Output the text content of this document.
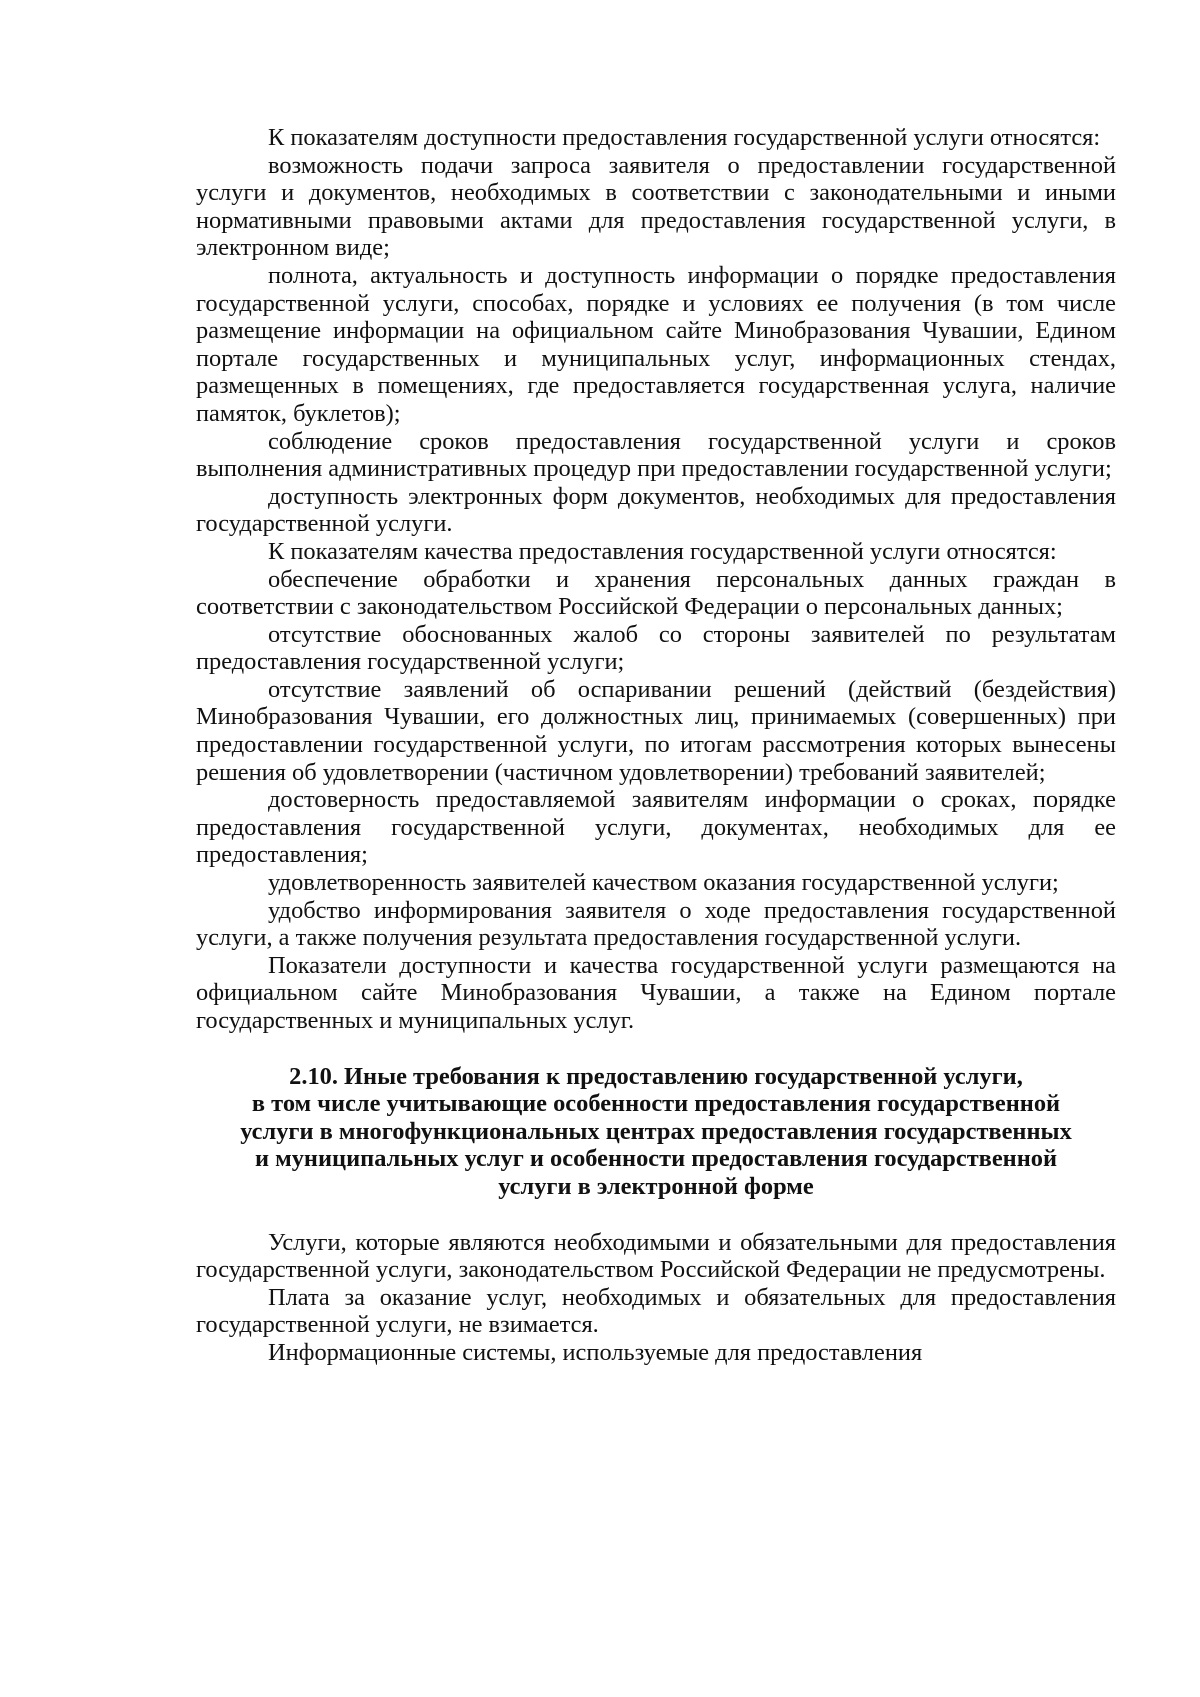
К показателям доступности предоставления государственной услуги относятся:

возможность подачи запроса заявителя о предоставлении государственной услуги и документов, необходимых в соответствии с законодательными и иными нормативными правовыми актами для предоставления государственной услуги, в электронном виде;

полнота, актуальность и доступность информации о порядке предоставления государственной услуги, способах, порядке и условиях ее получения (в том числе размещение информации на официальном сайте Минобразования Чувашии, Едином портале государственных и муниципальных услуг, информационных стендах, размещенных в помещениях, где предоставляется государственная услуга, наличие памяток, буклетов);

соблюдение сроков предоставления государственной услуги и сроков выполнения административных процедур при предоставлении государственной услуги;

доступность электронных форм документов, необходимых для предоставления государственной услуги.

К показателям качества предоставления государственной услуги относятся:

обеспечение обработки и хранения персональных данных граждан в соответствии с законодательством Российской Федерации о персональных данных;

отсутствие обоснованных жалоб со стороны заявителей по результатам предоставления государственной услуги;

отсутствие заявлений об оспаривании решений (действий (бездействия) Минобразования Чувашии, его должностных лиц, принимаемых (совершенных) при предоставлении государственной услуги, по итогам рассмотрения которых вынесены решения об удовлетворении (частичном удовлетворении) требований заявителей;

достоверность предоставляемой заявителям информации о сроках, порядке предоставления государственной услуги, документах, необходимых для ее предоставления;

удовлетворенность заявителей качеством оказания государственной услуги;

удобство информирования заявителя о ходе предоставления государственной услуги, а также получения результата предоставления государственной услуги.

Показатели доступности и качества государственной услуги размещаются на официальном сайте Минобразования Чувашии, а также на Едином портале государственных и муниципальных услуг.

2.10. Иные требования к предоставлению государственной услуги,
в том числе учитывающие особенности предоставления государственной
услуги в многофункциональных центрах предоставления государственных
и муниципальных услуг и особенности предоставления государственной
услуги в электронной форме

Услуги, которые являются необходимыми и обязательными для предоставления государственной услуги, законодательством Российской Федерации не предусмотрены.

Плата за оказание услуг, необходимых и обязательных для предоставления государственной услуги, не взимается.

Информационные системы, используемые для предоставления
